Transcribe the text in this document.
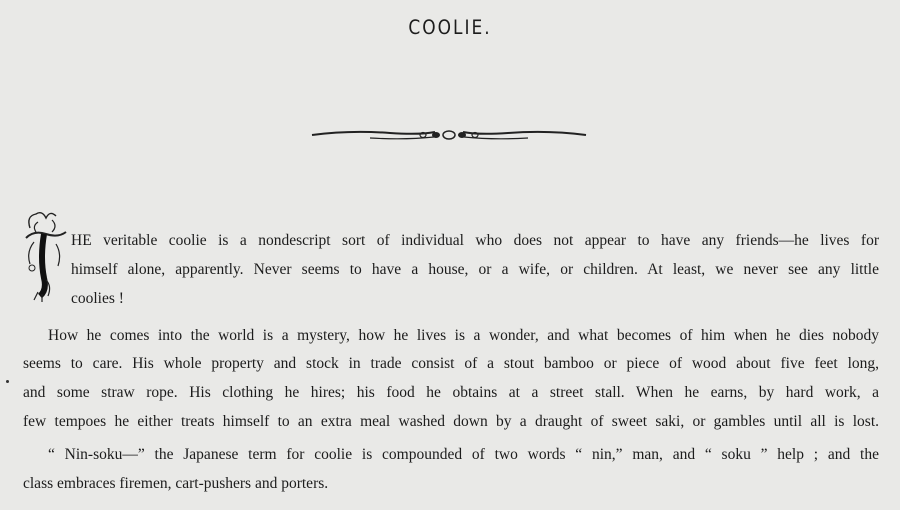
COOLIE.
HE veritable coolie is a nondescript sort of individual who does not appear to have any friends—he lives for
himself alone, apparently. Never seems to have a house, or a wife, or children. At least, we never see any little
coolies !
How he comes into the world is a mystery, how he lives is a wonder, and what becomes of him when he dies nobody
seems to care. His whole property and stock in trade consist of a stout bamboo or piece of wood about five feet long,
and some straw rope. His clothing he hires; his food he obtains at a street stall. When he earns, by hard work, a
few tempoes he either treats himself to an extra meal washed down by a draught of sweet saki, or gambles until all is lost.
“ Nin-soku—” the Japanese term for coolie is compounded of two words “ nin,” man, and “ soku ” help ; and the
class embraces firemen, cart-pushers and porters.
